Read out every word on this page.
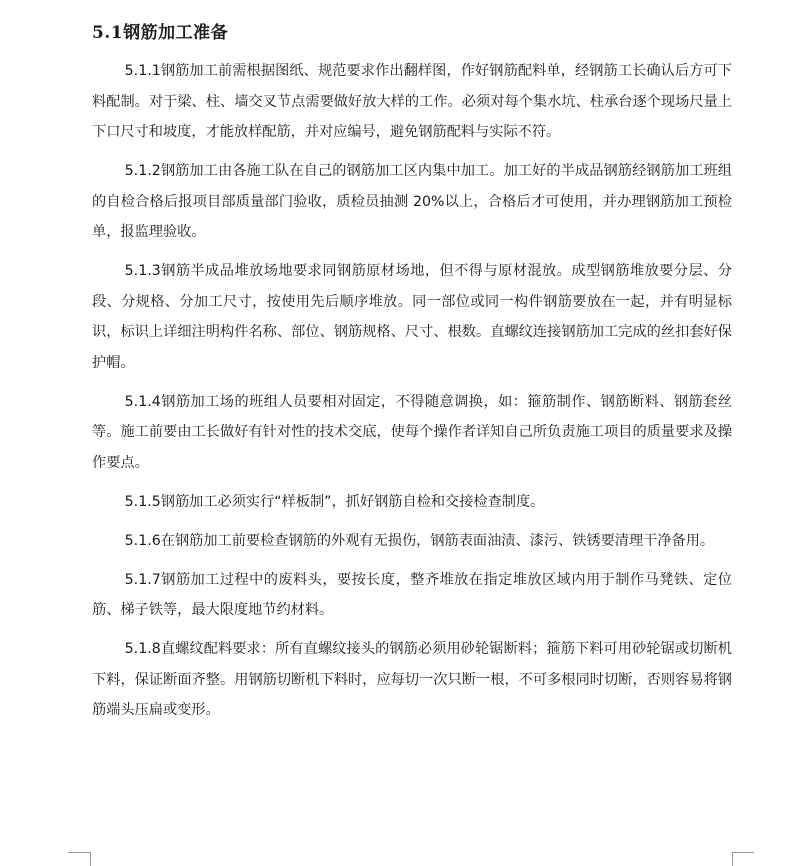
5.1钢筋加工准备

5.1.1钢筋加工前需根据图纸、规范要求作出翻样图，作好钢筋配料单，经钢筋工长确认后方可下料配制。对于梁、柱、墙交叉节点需要做好放大样的工作。必须对每个集水坑、柱承台逐个现场尺量上下口尺寸和坡度，才能放样配筋，并对应编号，避免钢筋配料与实际不符。

5.1.2钢筋加工由各施工队在自己的钢筋加工区内集中加工。加工好的半成品钢筋经钢筋加工班组的自检合格后报项目部质量部门验收，质检员抽测 20%以上，合格后才可使用，并办理钢筋加工预检单，报监理验收。

5.1.3钢筋半成品堆放场地要求同钢筋原材场地，但不得与原材混放。成型钢筋堆放要分层、分段、分规格、分加工尺寸，按使用先后顺序堆放。同一部位或同一构件钢筋要放在一起，并有明显标识，标识上详细注明构件名称、部位、钢筋规格、尺寸、根数。直螺纹连接钢筋加工完成的丝扣套好保护帽。

5.1.4钢筋加工场的班组人员要相对固定，不得随意调换，如：箍筋制作、钢筋断料、钢筋套丝等。施工前要由工长做好有针对性的技术交底，使每个操作者详知自己所负责施工项目的质量要求及操作要点。

5.1.5钢筋加工必须实行“样板制”，抓好钢筋自检和交接检查制度。

5.1.6在钢筋加工前要检查钢筋的外观有无损伤，钢筋表面油渍、漆污、铁锈要清理干净备用。

5.1.7钢筋加工过程中的废料头，要按长度，整齐堆放在指定堆放区域内用于制作马凳铁、定位筋、梯子铁等，最大限度地节约材料。

5.1.8直螺纹配料要求：所有直螺纹接头的钢筋必须用砂轮锯断料；箍筋下料可用砂轮锯或切断机下料，保证断面齐整。用钢筋切断机下料时，应每切一次只断一根，不可多根同时切断，否则容易将钢筋端头压扁或变形。
